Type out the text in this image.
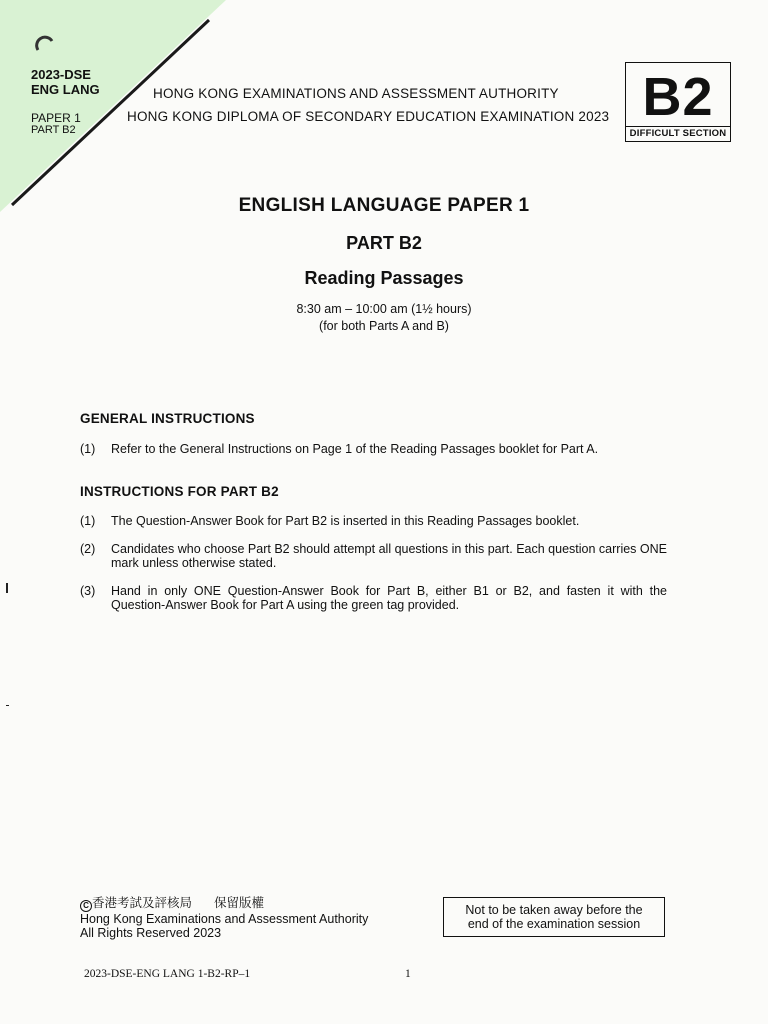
2023-DSE
ENG LANG
PAPER 1
PART B2
HONG KONG EXAMINATIONS AND ASSESSMENT AUTHORITY
HONG KONG DIPLOMA OF SECONDARY EDUCATION EXAMINATION 2023 B2
DIFFICULT SECTION
ENGLISH LANGUAGE PAPER 1
PART B2
Reading Passages
8:30 am – 10:00 am (1½ hours)
(for both Parts A and B)
GENERAL INSTRUCTIONS
(1) Refer to the General Instructions on Page 1 of the Reading Passages booklet for Part A.
INSTRUCTIONS FOR PART B2
(1) The Question-Answer Book for Part B2 is inserted in this Reading Passages booklet.
(2) Candidates who choose Part B2 should attempt all questions in this part. Each question carries ONE mark unless otherwise stated.
(3) Hand in only ONE Question-Answer Book for Part B, either B1 or B2, and fasten it with the Question-Answer Book for Part A using the green tag provided.
C 香港考試及評核局 保留版權
Hong Kong Examinations and Assessment Authority
All Rights Reserved 2023
Not to be taken away before the
end of the examination session
2023-DSE-ENG LANG 1-B2-RP–1	1
